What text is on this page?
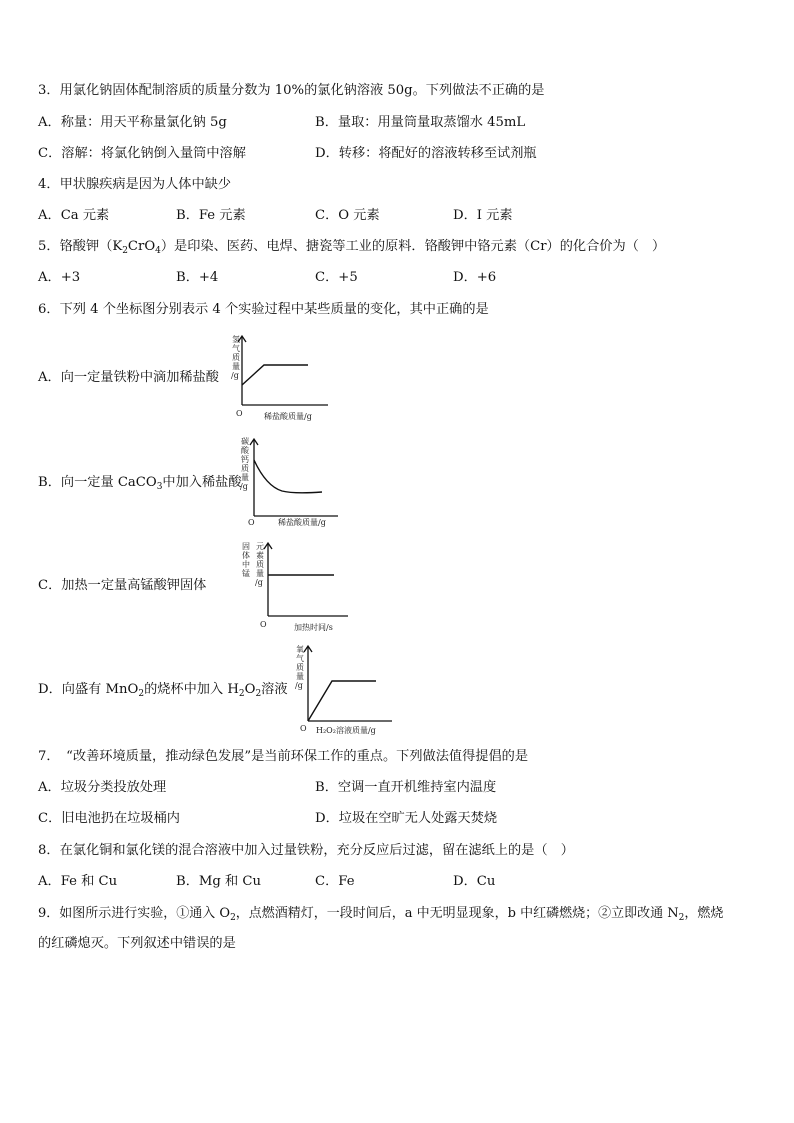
3．用氯化钠固体配制溶质的质量分数为 10%的氯化钠溶液 50g。下列做法不正确的是
A．称量：用天平称量氯化钠 5g	B．量取：用量筒量取蒸馏水 45mL
C．溶解：将氯化钠倒入量筒中溶解	D．转移：将配好的溶液转移至试剂瓶
4．甲状腺疾病是因为人体中缺少
A．Ca 元素	B．Fe 元素	C．O 元素	D．I 元素
5．铬酸钾$(K_2CrO_4)$是印染、医药、电焊、搪瓷等工业的原料．铬酸钾中铬元素（Cr）的化合价为（　）
A．+3	B．+4	C．+5	D．+6
6．下列 4 个坐标图分别表示 4 个实验过程中某些质量的变化，其中正确的是
A．向一定量铁粉中滴加稀盐酸
氢
气
质
量
/g
O	稀盐酸质量/g
B．向一定量 CaCO$_3$中加入稀盐酸
碳
酸
钙
质
量
/g
O	稀盐酸质量/g
C．加热一定量高锰酸钾固体
元
素
质
量
/g
固
体
中
锰
O	加热时间/s
D．向盛有 MnO$_2$的烧杯中加入 $H_2O_2$溶液
氧
气
质
量
/g
O H₂O₂溶液质量/g
7．　“改善环境质量，推动绿色发展”是当前环保工作的重点。下列做法值得提倡的是
A．垃圾分类投放处理	B．空调一直开机维持室内温度
C．旧电池扔在垃圾桶内	D．垃圾在空旷无人处露天焚烧
8．在氯化铜和氯化镁的混合溶液中加入过量铁粉，充分反应后过滤，留在滤纸上的是（　）
A．Fe 和 Cu	B．Mg 和 Cu	C．Fe	D．Cu
9．如图所示进行实验，①通入 $O_2$，点燃酒精灯，一段时间后，a 中无明显现象，b 中红磷燃烧；②立即改通 $N_2$，燃烧
的红磷熄灭。下列叙述中错误的是
